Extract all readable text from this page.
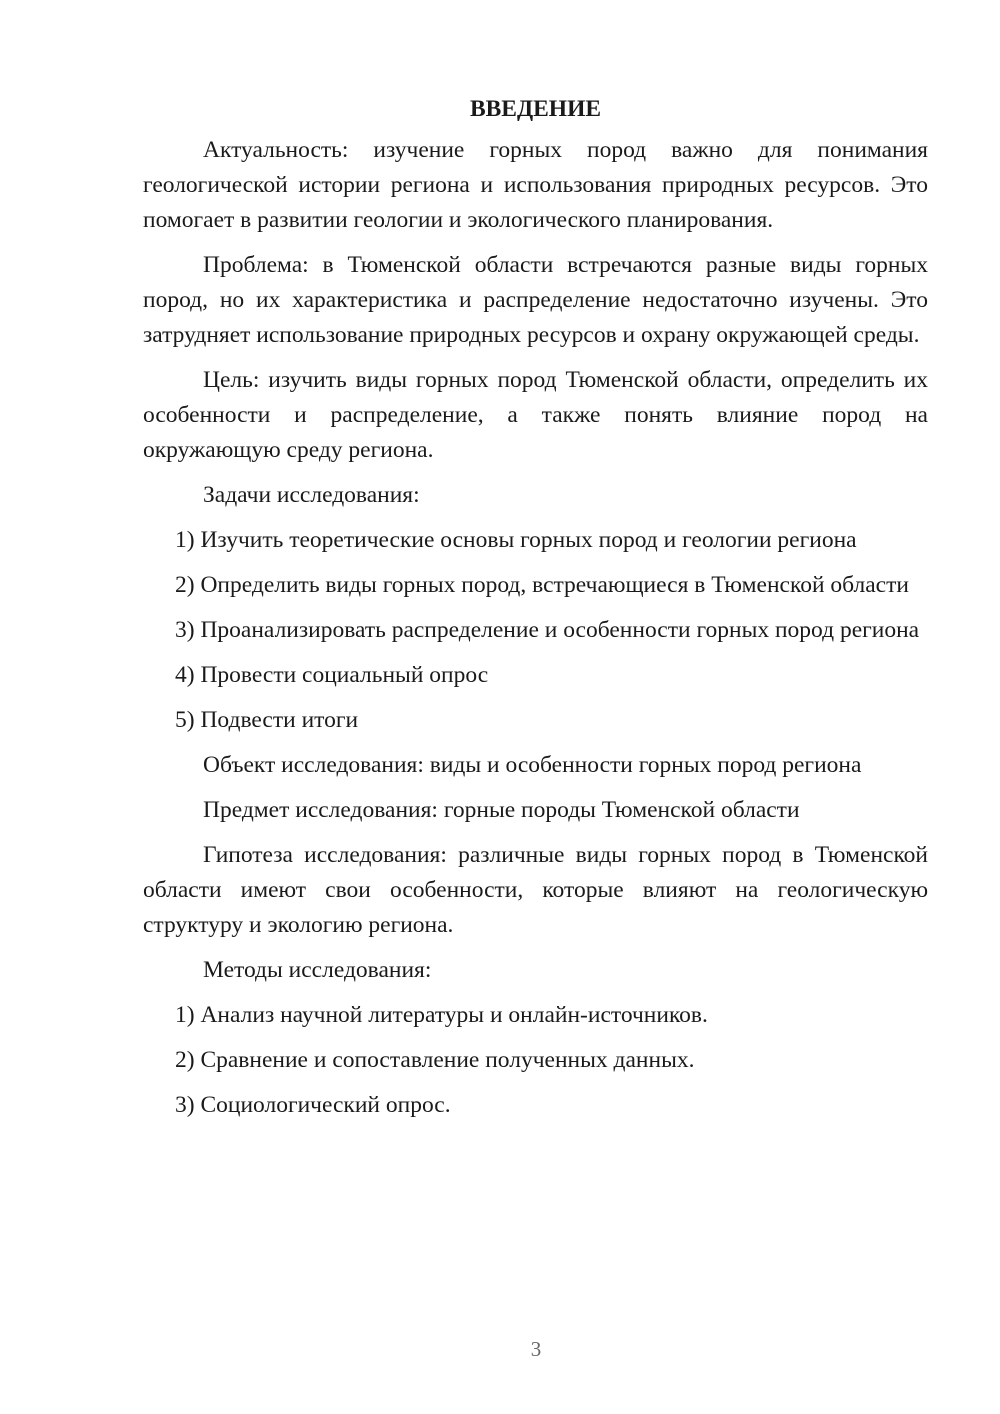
ВВЕДЕНИЕ

Актуальность: изучение горных пород важно для понимания геологической истории региона и использования природных ресурсов. Это помогает в развитии геологии и экологического планирования.

Проблема: в Тюменской области встречаются разные виды горных пород, но их характеристика и распределение недостаточно изучены. Это затрудняет использование природных ресурсов и охрану окружающей среды.

Цель: изучить виды горных пород Тюменской области, определить их особенности и распределение, а также понять влияние пород на окружающую среду региона.

Задачи исследования:

1) Изучить теоретические основы горных пород и геологии региона

2) Определить виды горных пород, встречающиеся в Тюменской области

3) Проанализировать распределение и особенности горных пород региона

4) Провести социальный опрос

5) Подвести итоги

Объект исследования: виды и особенности горных пород региона

Предмет исследования: горные породы Тюменской области

Гипотеза исследования: различные виды горных пород в Тюменской области имеют свои особенности, которые влияют на геологическую структуру и экологию региона.

Методы исследования:

1) Анализ научной литературы и онлайн-источников.

2) Сравнение и сопоставление полученных данных.

3) Социологический опрос.

3
